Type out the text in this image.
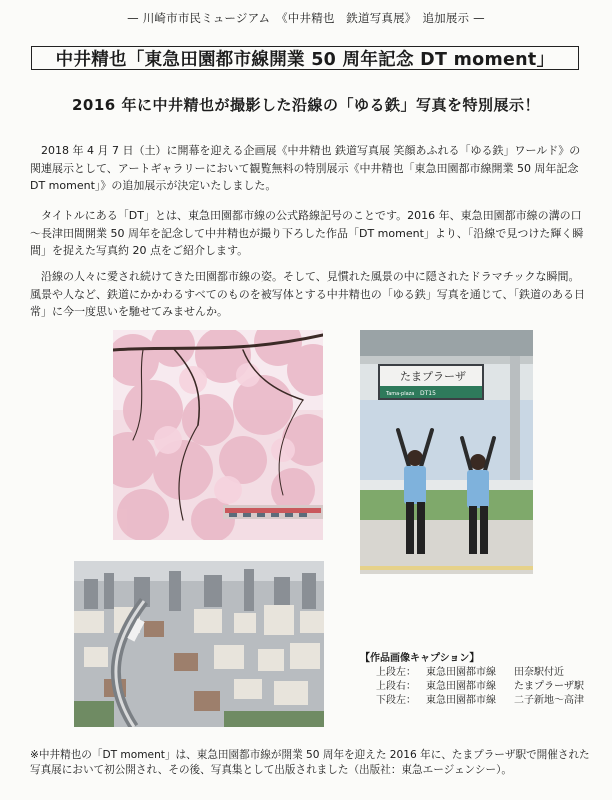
— 川崎市市民ミュージアム　《中井精也　鉄道写真展》　追加展示 —
中井精也「東急田園都市線開業 50 周年記念 DT moment」
2016 年に中井精也が撮影した沿線の「ゆる鉄」写真を特別展示！

2018 年 4 月 7 日（土）に開幕を迎える企画展《中井精也 鉄道写真展 笑顔あふれる「ゆる鉄」ワールド》の関連展示として、アートギャラリーにおいて観覧無料の特別展示《中井精也「東急田園都市線開業 50 周年記念 DT moment」》の追加展示が決定いたしました。

タイトルにある「DT」とは、東急田園都市線の公式路線記号のことです。2016 年、東急田園都市線の溝の口～長津田間開業 50 周年を記念して中井精也が撮り下ろした作品「DT moment」より、「沿線で見つけた輝く瞬間」を捉えた写真約 20 点をご紹介します。

沿線の人々に愛され続けてきた田園都市線の姿。そして、見慣れた風景の中に隠されたドラマチックな瞬間。風景や人など、鉄道にかかわるすべてのものを被写体とする中井精也の「ゆる鉄」写真を通じて、「鉄道のある日常」に今一度思いを馳せてみませんか。

たまプラーザ
DT15
Tama-plaza
【作品画像キャプション】
上段左：	東急田園都市線	田奈駅付近
上段右：	東急田園都市線	たまプラーザ駅
下段左：	東急田園都市線	二子新地～高津

※中井精也の「DT moment」は、東急田園都市線が開業 50 周年を迎えた 2016 年に、たまプラーザ駅で開催された写真展において初公開され、その後、写真集として出版されました（出版社：東急エージェンシー）。
